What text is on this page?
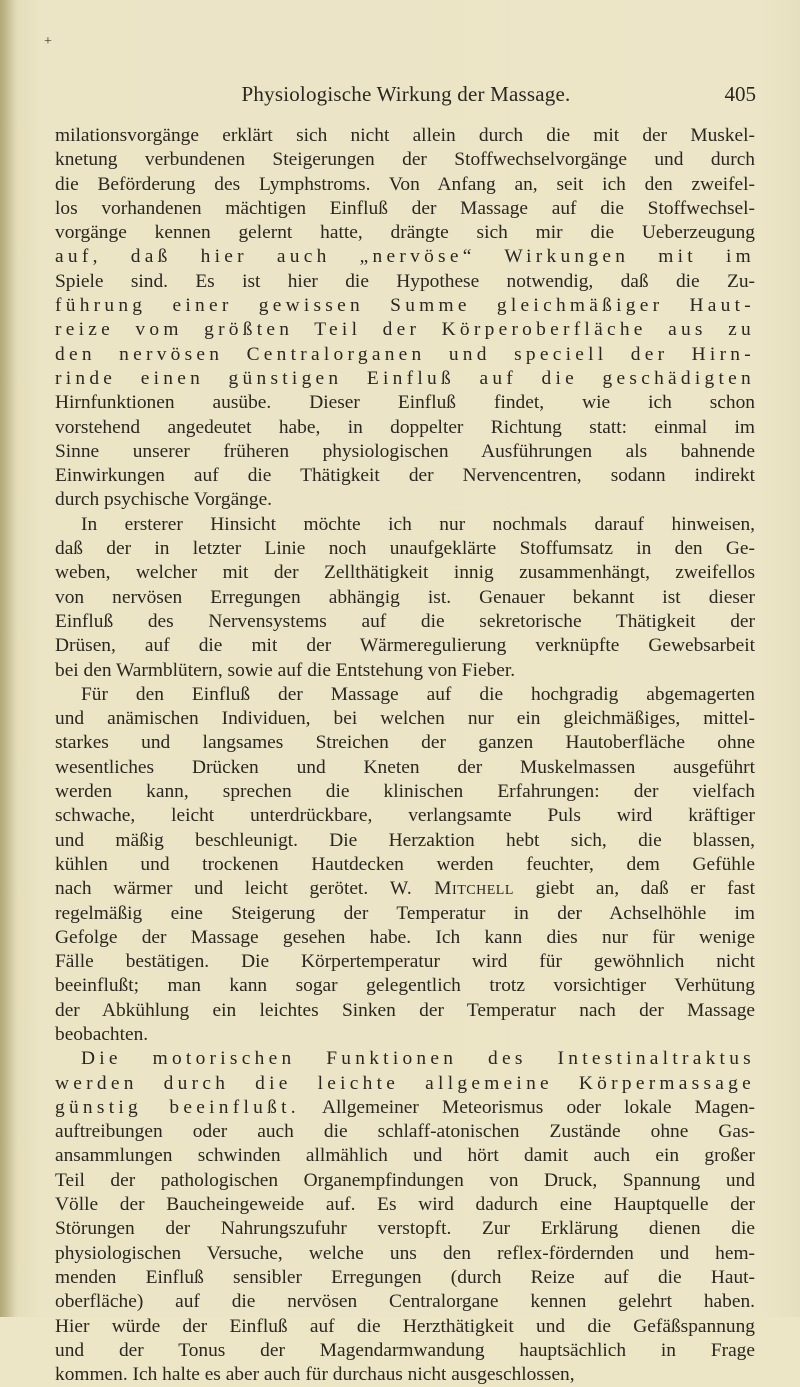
+
Physiologische Wirkung der Massage.	405
milationsvorgänge erklärt sich nicht allein durch die mit der Muskel-
knetung verbundenen Steigerungen der Stoffwechselvorgänge und durch
die Beförderung des Lymphstroms. Von Anfang an, seit ich den zweifel-
los vorhandenen mächtigen Einfluß der Massage auf die Stoffwechsel-
vorgänge kennen gelernt hatte, drängte sich mir die Ueberzeugung
auf, daß hier auch „nervöse“ Wirkungen mit im
Spiele sind. Es ist hier die Hypothese notwendig, daß die Zu-
führung einer gewissen Summe gleichmäßiger Haut-
reize vom größten Teil der Körperoberfläche aus zu
den nervösen Centralorganen und speciell der Hirn-
rinde einen günstigen Einfluß auf die geschädigten
Hirnfunktionen ausübe. Dieser Einfluß findet, wie ich schon
vorstehend angedeutet habe, in doppelter Richtung statt: einmal im
Sinne unserer früheren physiologischen Ausführungen als bahnende
Einwirkungen auf die Thätigkeit der Nervencentren, sodann indirekt
durch psychische Vorgänge.
In ersterer Hinsicht möchte ich nur nochmals darauf hinweisen,
daß der in letzter Linie noch unaufgeklärte Stoffumsatz in den Ge-
weben, welcher mit der Zellthätigkeit innig zusammenhängt, zweifellos
von nervösen Erregungen abhängig ist. Genauer bekannt ist dieser
Einfluß des Nervensystems auf die sekretorische Thätigkeit der
Drüsen, auf die mit der Wärmeregulierung verknüpfte Gewebsarbeit
bei den Warmblütern, sowie auf die Entstehung von Fieber.
Für den Einfluß der Massage auf die hochgradig abgemagerten
und anämischen Individuen, bei welchen nur ein gleichmäßiges, mittel-
starkes und langsames Streichen der ganzen Hautoberfläche ohne
wesentliches Drücken und Kneten der Muskelmassen ausgeführt
werden kann, sprechen die klinischen Erfahrungen: der vielfach
schwache, leicht unterdrückbare, verlangsamte Puls wird kräftiger
und mäßig beschleunigt. Die Herzaktion hebt sich, die blassen,
kühlen und trockenen Hautdecken werden feuchter, dem Gefühle
nach wärmer und leicht gerötet. W. Mitchell giebt an, daß er fast
regelmäßig eine Steigerung der Temperatur in der Achselhöhle im
Gefolge der Massage gesehen habe. Ich kann dies nur für wenige
Fälle bestätigen. Die Körpertemperatur wird für gewöhnlich nicht
beeinflußt; man kann sogar gelegentlich trotz vorsichtiger Verhütung
der Abkühlung ein leichtes Sinken der Temperatur nach der Massage
beobachten.
Die motorischen Funktionen des Intestinaltraktus
werden durch die leichte allgemeine Körpermassage
günstig beeinflußt. Allgemeiner Meteorismus oder lokale Magen-
auftreibungen oder auch die schlaff-atonischen Zustände ohne Gas-
ansammlungen schwinden allmählich und hört damit auch ein großer
Teil der pathologischen Organempfindungen von Druck, Spannung und
Völle der Baucheingeweide auf. Es wird dadurch eine Hauptquelle der
Störungen der Nahrungszufuhr verstopft. Zur Erklärung dienen die
physiologischen Versuche, welche uns den reflex-fördernden und hem-
menden Einfluß sensibler Erregungen (durch Reize auf die Haut-
oberfläche) auf die nervösen Centralorgane kennen gelehrt haben.
Hier würde der Einfluß auf die Herzthätigkeit und die Gefäßspannung
und der Tonus der Magendarmwandung hauptsächlich in Frage
kommen. Ich halte es aber auch für durchaus nicht ausgeschlossen,
